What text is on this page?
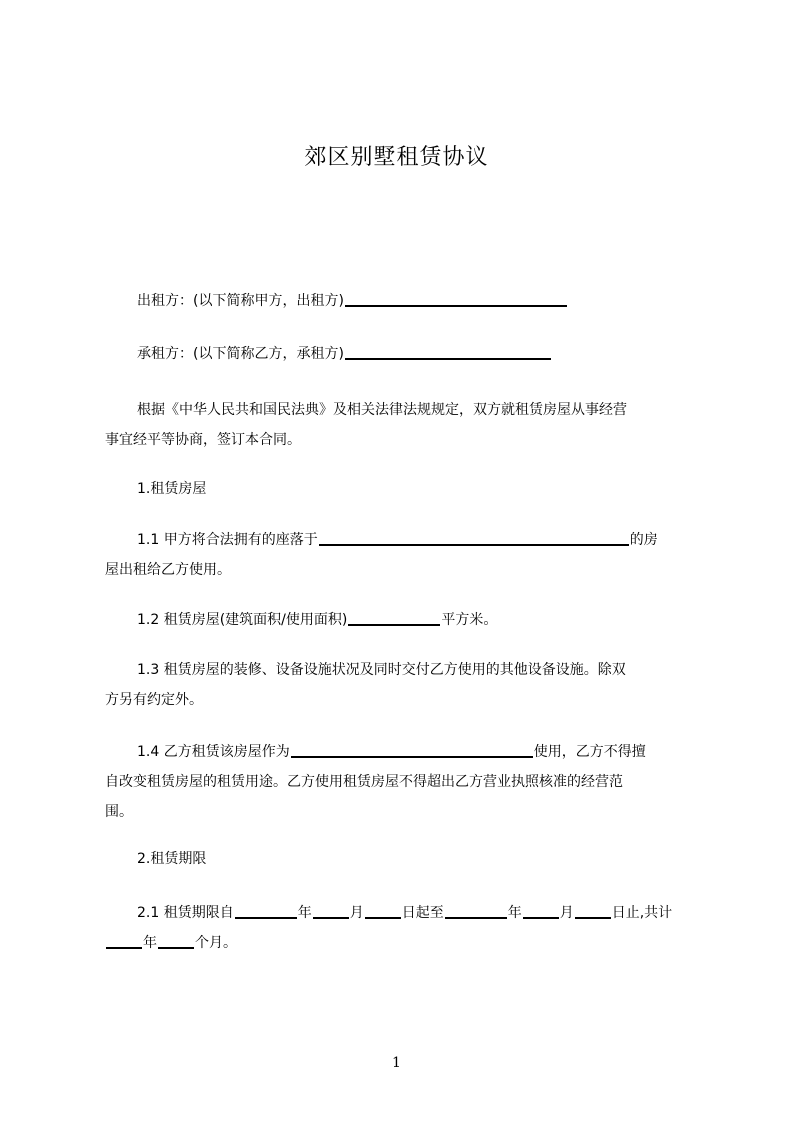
郊区别墅租赁协议
出租方：(以下简称甲方，出租方)
承租方：(以下简称乙方，承租方)
根据《中华人民共和国民法典》及相关法律法规规定，双方就租赁房屋从事经营
事宜经平等协商，签订本合同。
1.租赁房屋
1.1 甲方将合法拥有的座落于	的房
屋出租给乙方使用。
1.2 租赁房屋(建筑面积/使用面积)	平方米。
1.3 租赁房屋的装修、设备设施状况及同时交付乙方使用的其他设备设施。除双
方另有约定外。
1.4 乙方租赁该房屋作为	使用，乙方不得擅
自改变租赁房屋的租赁用途。乙方使用租赁房屋不得超出乙方营业执照核准的经营范
围。
2.租赁期限
2.1 租赁期限自	年	月	日起至	年	月	日止,共计
年	个月。
1
